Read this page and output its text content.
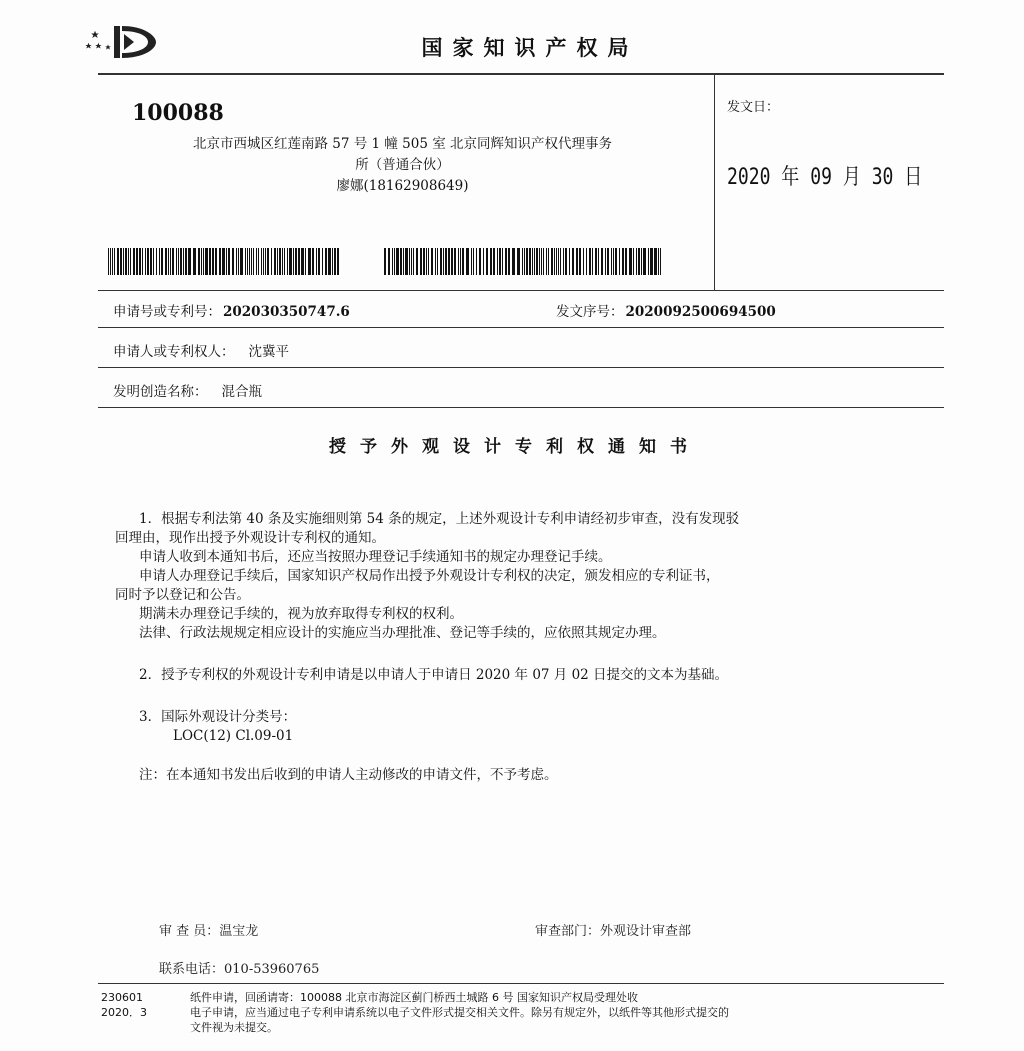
国家知识产权局
100088
北京市西城区红莲南路 57 号 1 幢 505 室 北京同辉知识产权代理事务
所（普通合伙）
廖娜(18162908649)
发文日：
2020 年 09 月 30 日
申请号或专利号： 202030350747.6	发文序号： 2020092500694500
申请人或专利权人： 沈冀平
发明创造名称： 混合瓶
授予外观设计专利权通知书
1．根据专利法第 40 条及实施细则第 54 条的规定，上述外观设计专利申请经初步审查，没有发现驳
回理由，现作出授予外观设计专利权的通知。
申请人收到本通知书后，还应当按照办理登记手续通知书的规定办理登记手续。
申请人办理登记手续后，国家知识产权局作出授予外观设计专利权的决定，颁发相应的专利证书，
同时予以登记和公告。
期满未办理登记手续的，视为放弃取得专利权的权利。
法律、行政法规规定相应设计的实施应当办理批准、登记等手续的，应依照其规定办理。
2．授予专利权的外观设计专利申请是以申请人于申请日 2020 年 07 月 02 日提交的文本为基础。
3．国际外观设计分类号：
LOC(12) Cl.09-01
注：在本通知书发出后收到的申请人主动修改的申请文件，不予考虑。
审 查 员：温宝龙	审查部门：外观设计审查部
联系电话：010-53960765
230601
2020．3
纸件申请，回函请寄：100088 北京市海淀区蓟门桥西土城路 6 号 国家知识产权局受理处收
电子申请，应当通过电子专利申请系统以电子文件形式提交相关文件。除另有规定外，以纸件等其他形式提交的
文件视为未提交。
